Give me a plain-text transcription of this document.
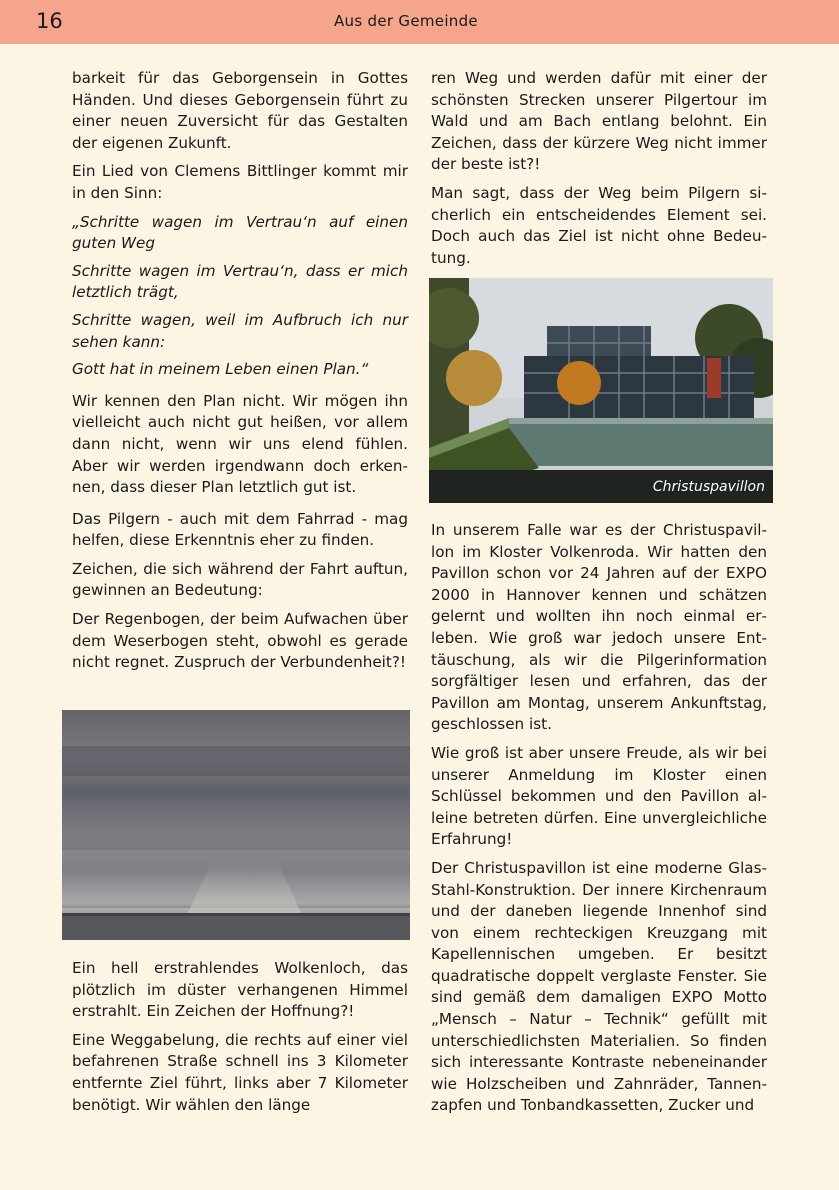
16	Aus der Gemeinde

barkeit für das Geborgensein in Gottes Händen. Und dieses Geborgensein führt zu einer neuen Zuversicht für das Gestalten der eigenen Zukunft.

Ein Lied von Clemens Bittlinger kommt mir in den Sinn:

„Schritte wagen im Vertrau‘n auf einen guten Weg

Schritte wagen im Vertrau‘n, dass er mich letztlich trägt,

Schritte wagen, weil im Aufbruch ich nur sehen kann:

Gott hat in meinem Leben einen Plan.“

Wir kennen den Plan nicht. Wir mögen ihn vielleicht auch nicht gut heißen, vor allem dann nicht, wenn wir uns elend fühlen. Aber wir werden irgendwann doch erkennen, dass dieser Plan letztlich gut ist.

Das Pilgern - auch mit dem Fahrrad - mag helfen, diese Erkenntnis eher zu finden.

Zeichen, die sich während der Fahrt auftun, gewinnen an Bedeutung:

Der Regenbogen, der beim Aufwachen über dem Weserbogen steht, obwohl es gerade nicht regnet. Zuspruch der Verbundenheit?!

Ein hell erstrahlendes Wolkenloch, das plötzlich im düster verhangenen Himmel erstrahlt. Ein Zeichen der Hoffnung?!

Eine Weggabelung, die rechts auf einer viel befahrenen Straße schnell ins 3 Kilometer entfernte Ziel führt, links aber 7 Kilometer benötigt. Wir wählen den länge

ren Weg und werden dafür mit einer der schönsten Strecken unserer Pilgertour im Wald und am Bach entlang belohnt. Ein Zeichen, dass der kürzere Weg nicht immer der beste ist?!

Man sagt, dass der Weg beim Pilgern sicherlich ein entscheidendes Element sei. Doch auch das Ziel ist nicht ohne Bedeutung.

Christuspavillon

In unserem Falle war es der Christuspavillon im Kloster Volkenroda. Wir hatten den Pavillon schon vor 24 Jahren auf der EXPO 2000 in Hannover kennen und schätzen gelernt und wollten ihn noch einmal erleben. Wie groß war jedoch unsere Enttäuschung, als wir die Pilgerinformation sorgfältiger lesen und erfahren, das der Pavillon am Montag, unserem Ankunftstag, geschlossen ist.

Wie groß ist aber unsere Freude, als wir bei unserer Anmeldung im Kloster einen Schlüssel bekommen und den Pavillon alleine betreten dürfen. Eine unvergleichliche Erfahrung!

Der Christuspavillon ist eine moderne Glas-Stahl-Konstruktion. Der innere Kirchenraum und der daneben liegende Innenhof sind von einem rechteckigen Kreuzgang mit Kapellennischen umgeben. Er besitzt quadratische doppelt verglaste Fenster. Sie sind gemäß dem damaligen EXPO Motto „Mensch – Natur – Technik“ gefüllt mit unterschiedlichsten Materialien. So finden sich interessante Kontraste nebeneinander wie Holzscheiben und Zahnräder, Tannenzapfen und Tonbandkassetten, Zucker und
